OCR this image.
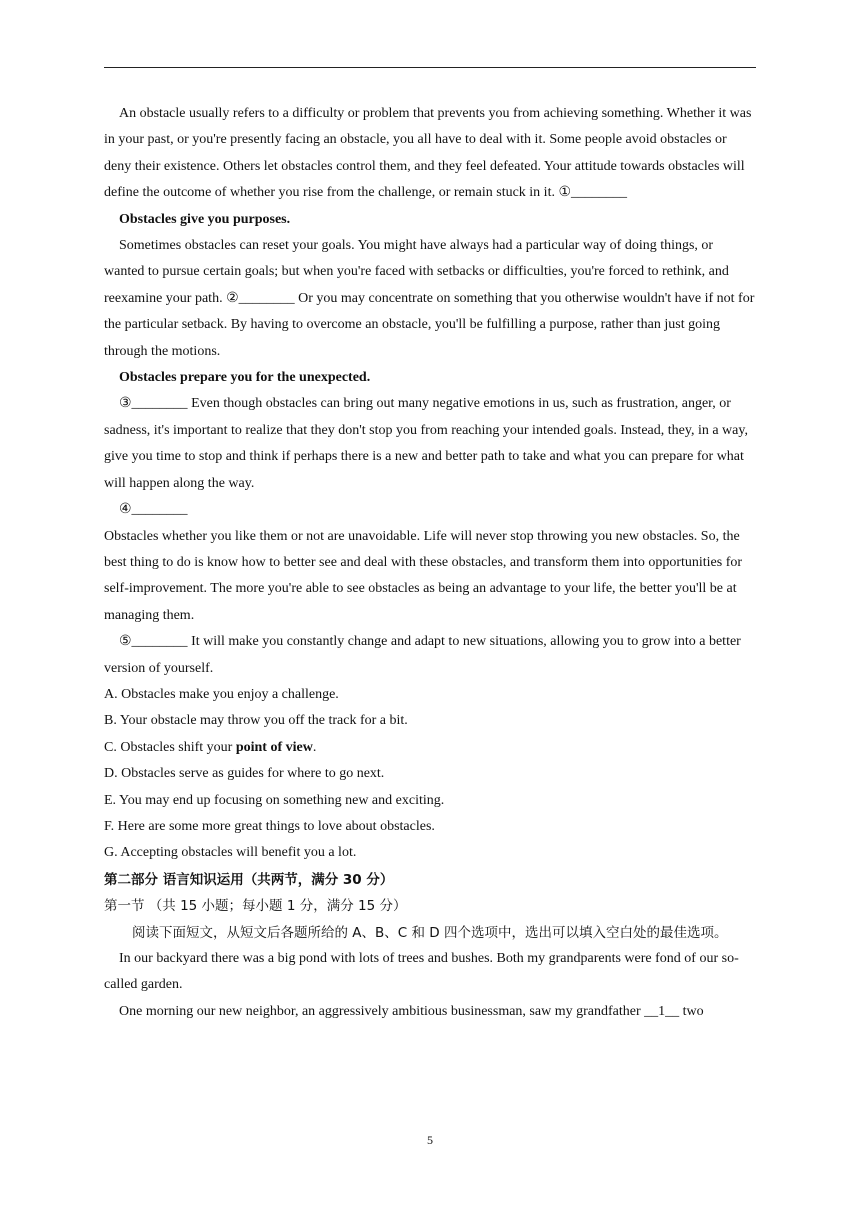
An obstacle usually refers to a difficulty or problem that prevents you from achieving something. Whether it was in your past, or you're presently facing an obstacle, you all have to deal with it. Some people avoid obstacles or deny their existence. Others let obstacles control them, and they feel defeated. Your attitude towards obstacles will define the outcome of whether you rise from the challenge, or remain stuck in it. ①________

Obstacles give you purposes.

Sometimes obstacles can reset your goals. You might have always had a particular way of doing things, or wanted to pursue certain goals; but when you're faced with setbacks or difficulties, you're forced to rethink, and reexamine your path. ②________ Or you may concentrate on something that you otherwise wouldn't have if not for the particular setback. By having to overcome an obstacle, you'll be fulfilling a purpose, rather than just going through the motions.

Obstacles prepare you for the unexpected.

③________ Even though obstacles can bring out many negative emotions in us, such as frustration, anger, or sadness, it's important to realize that they don't stop you from reaching your intended goals. Instead, they, in a way, give you time to stop and think if perhaps there is a new and better path to take and what you can prepare for what will happen along the way.

④________

Obstacles whether you like them or not are unavoidable. Life will never stop throwing you new obstacles. So, the best thing to do is know how to better see and deal with these obstacles, and transform them into opportunities for self-improvement. The more you're able to see obstacles as being an advantage to your life, the better you'll be at managing them.

⑤________ It will make you constantly change and adapt to new situations, allowing you to grow into a better version of yourself.

A. Obstacles make you enjoy a challenge.

B. Your obstacle may throw you off the track for a bit.

C. Obstacles shift your point of view.

D. Obstacles serve as guides for where to go next.

E. You may end up focusing on something new and exciting.

F. Here are some more great things to love about obstacles.

G. Accepting obstacles will benefit you a lot.

第二部分 语言知识运用（共两节，满分 30 分）

第一节 （共 15 小题；每小题 1 分，满分 15 分）

阅读下面短文，从短文后各题所给的 A、B、C 和 D 四个选项中，选出可以填入空白处的最佳选项。

In our backyard there was a big pond with lots of trees and bushes. Both my grandparents were fond of our so-called garden.

One morning our new neighbor, an aggressively ambitious businessman, saw my grandfather __1__ two

5
